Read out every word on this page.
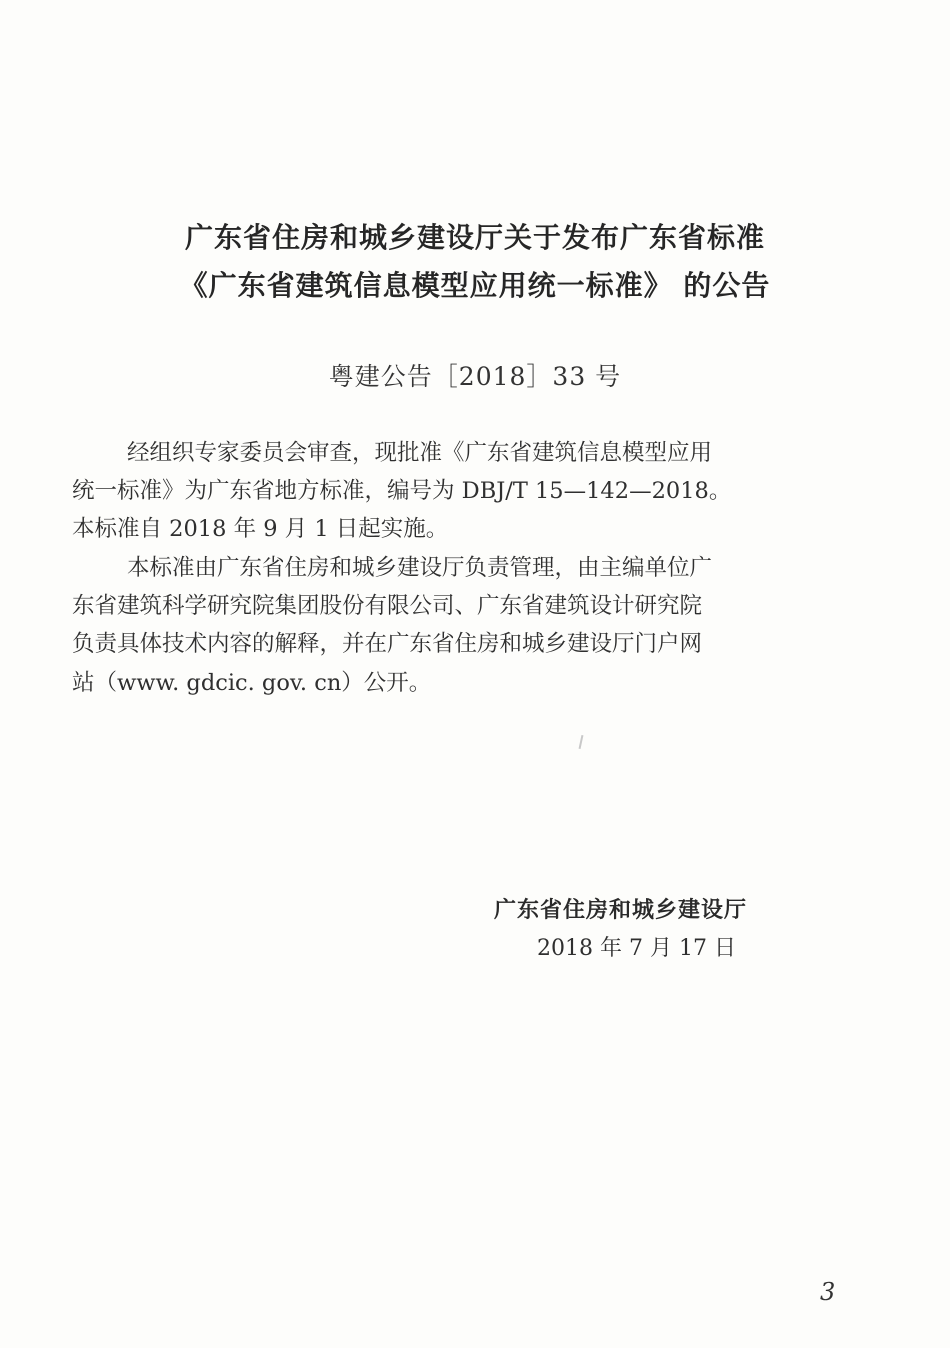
广东省住房和城乡建设厅关于发布广东省标准
《广东省建筑信息模型应用统一标准》 的公告
粤建公告［2018］33 号
经组织专家委员会审查，现批准《广东省建筑信息模型应用
统一标准》为广东省地方标准，编号为 DBJ/T 15—142—2018。
本标准自 2018 年 9 月 1 日起实施。
本标准由广东省住房和城乡建设厅负责管理，由主编单位广
东省建筑科学研究院集团股份有限公司、广东省建筑设计研究院
负责具体技术内容的解释，并在广东省住房和城乡建设厅门户网
站（www. gdcic. gov. cn）公开。
广东省住房和城乡建设厅
2018 年 7 月 17 日
3
